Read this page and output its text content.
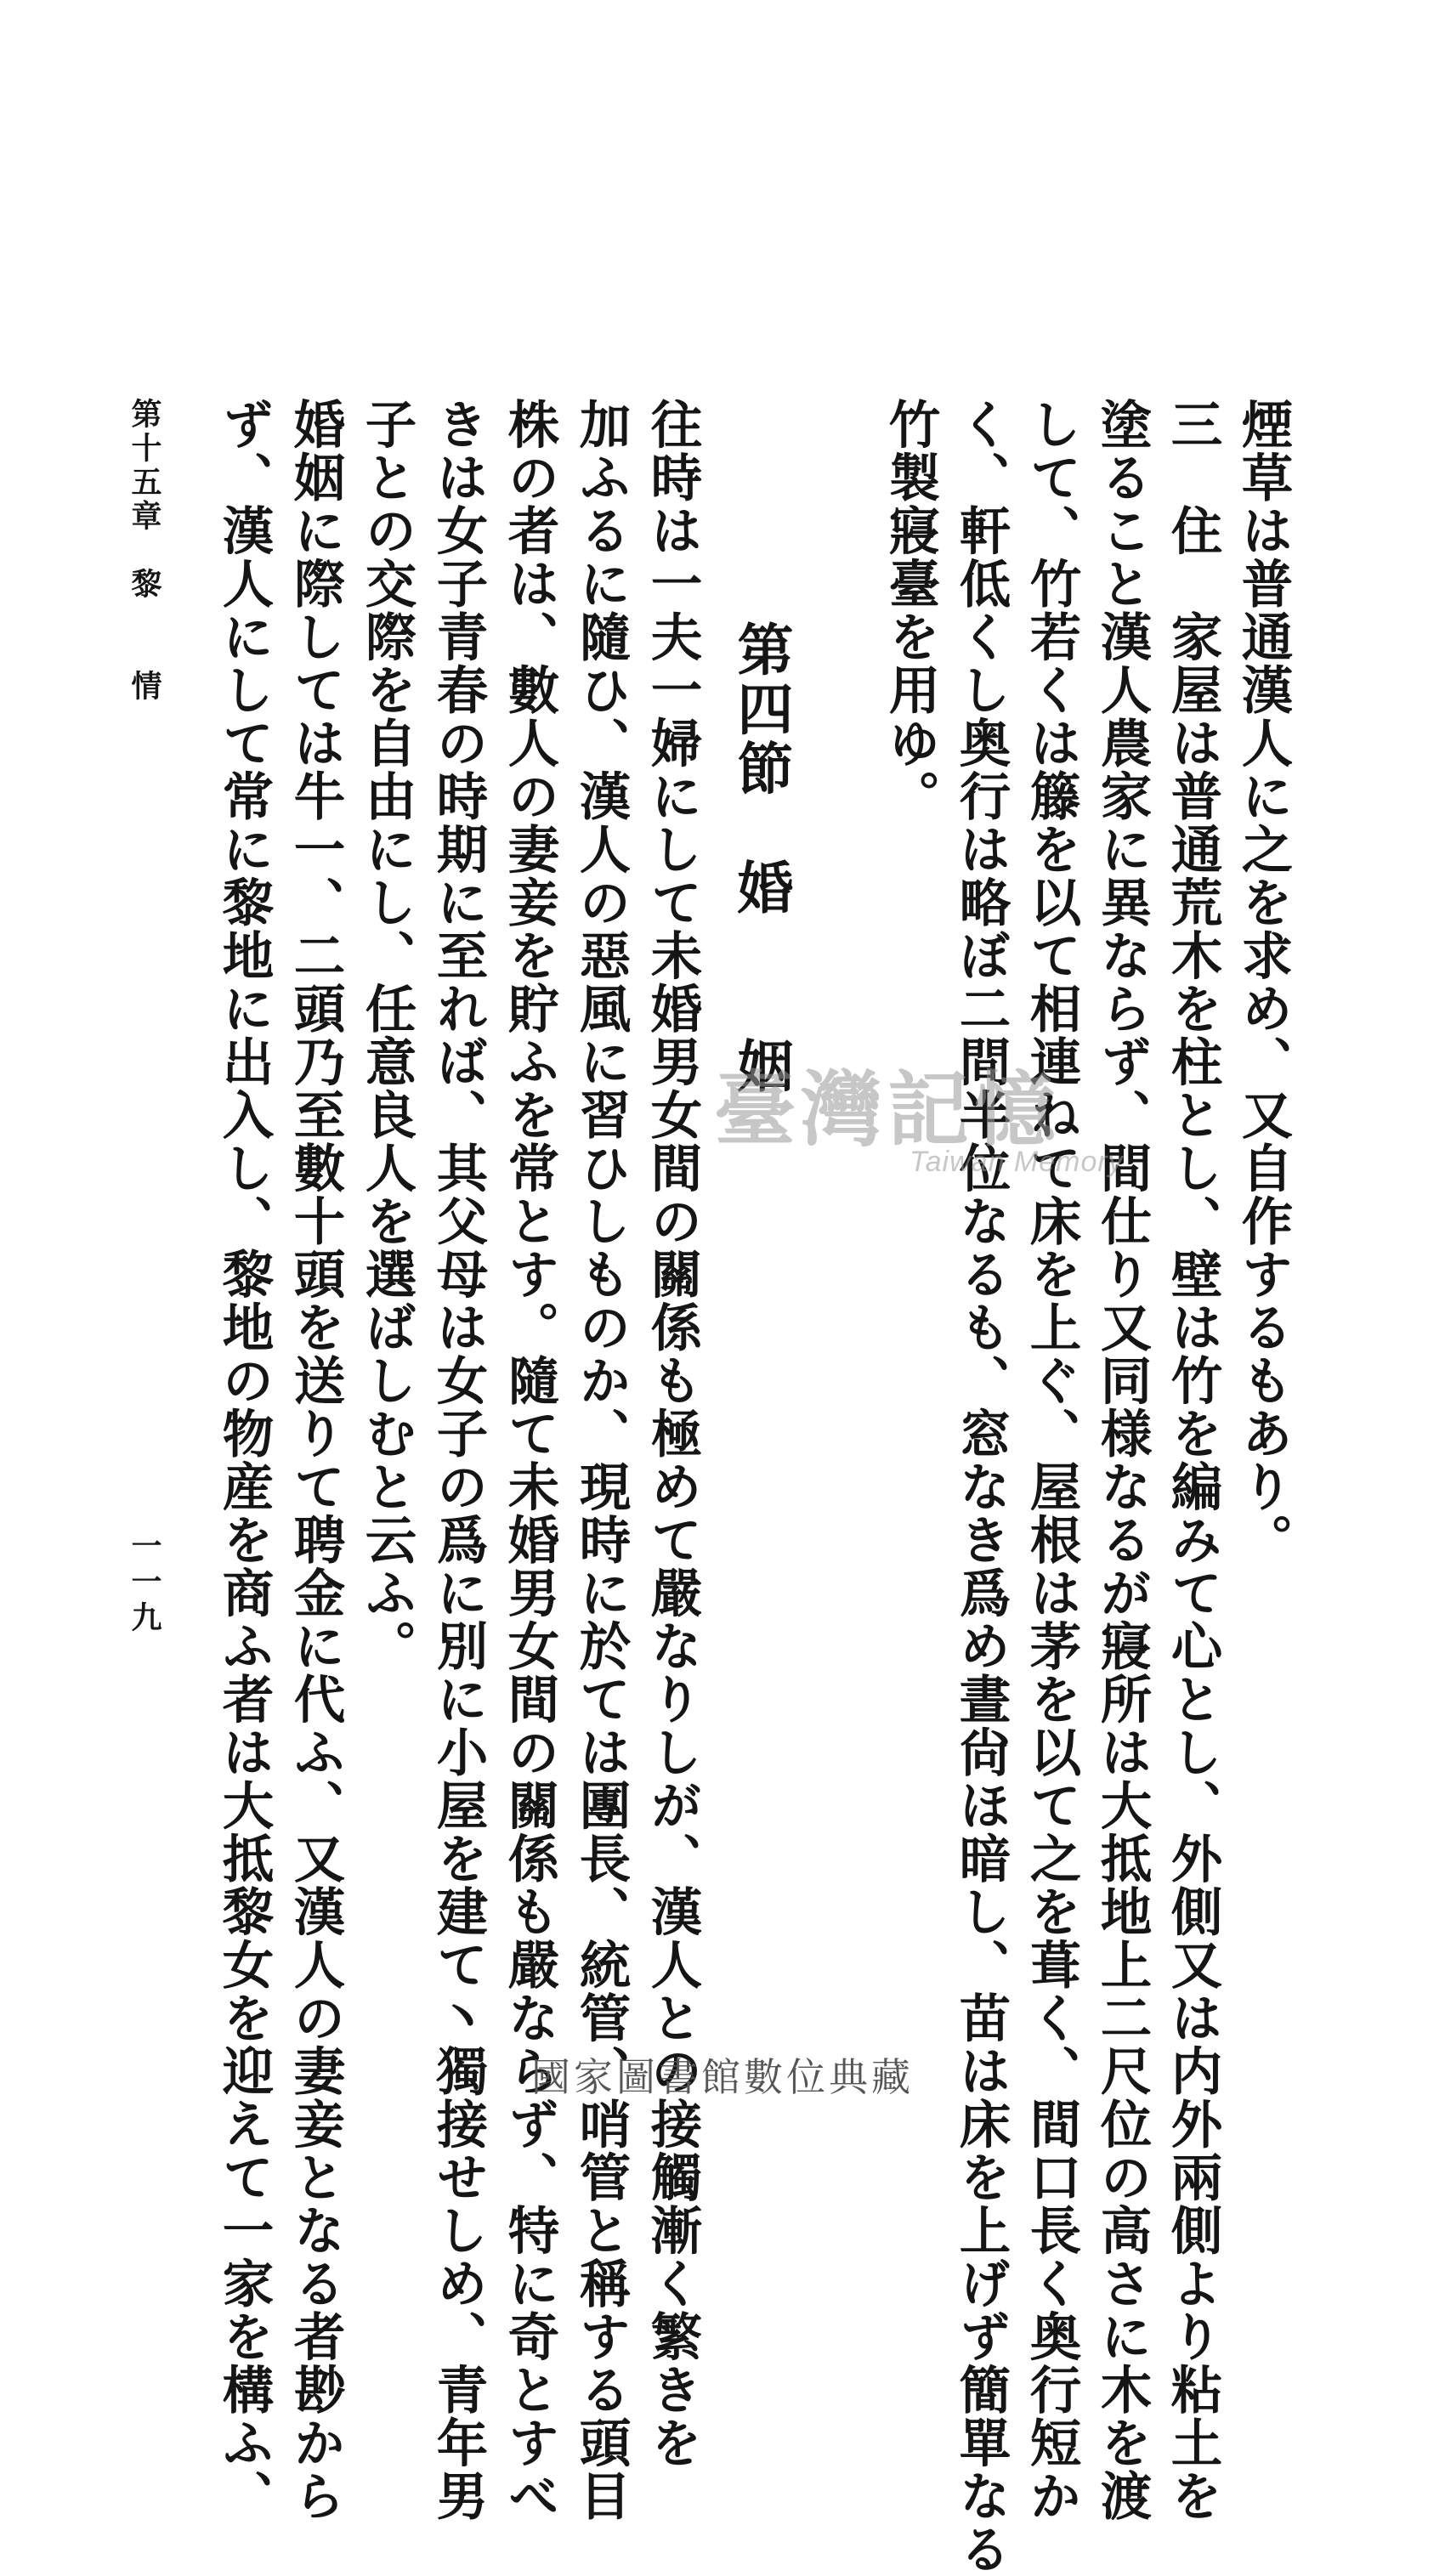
煙草は普通漢人に之を求め、又自作するもあり。
三　住　家屋は普通荒木を柱とし、壁は竹を編みて心とし、外側又は内外兩側より粘土を
塗ること漢人農家に異ならず、間仕り又同様なるが寢所は大抵地上二尺位の高さに木を渡
して、竹若くは籐を以て相連ねて床を上ぐ、屋根は茅を以て之を葺く、間口長く奥行短か
く、軒低くし奥行は略ぼ二間半位なるも、窓なき爲め晝尙ほ暗し、苗は床を上げず簡單なる
竹製寢臺を用ゆ。
第四節　婚　　姻
往時は一夫一婦にして未婚男女間の關係も極めて嚴なりしが、漢人との接觸漸く繁きを
加ふるに隨ひ、漢人の惡風に習ひしものか、現時に於ては團長、統管、哨管と稱する頭目
株の者は、數人の妻妾を貯ふを常とす。隨て未婚男女間の關係も嚴ならず、特に奇とすべ
きは女子青春の時期に至れば、其父母は女子の爲に別に小屋を建て丶獨接せしめ、青年男
子との交際を自由にし、任意良人を選ばしむと云ふ。
婚姻に際しては牛一、二頭乃至數十頭を送りて聘金に代ふ、又漢人の妻妾となる者尠から
ず、漢人にして常に黎地に出入し、黎地の物産を商ふ者は大抵黎女を迎えて一家を構ふ、
第十五章　黎　　情
一一九
臺灣記憶
Taiwan Memory
國家圖書館數位典藏
